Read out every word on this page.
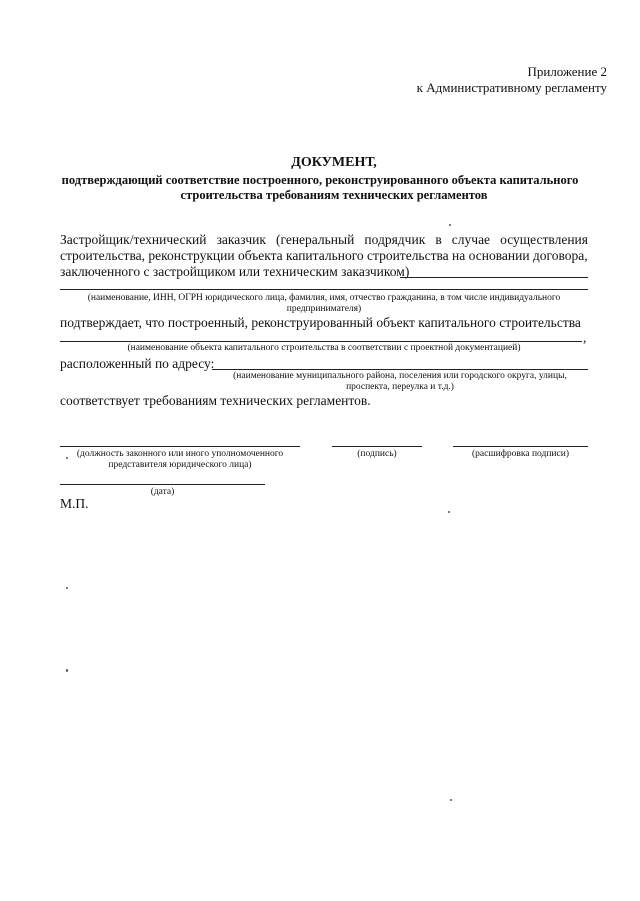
Приложение 2
к Административному регламенту
ДОКУМЕНТ,
подтверждающий соответствие построенного, реконструированного объекта капитального
строительства требованиям технических регламентов
Застройщик/технический заказчик (генеральный подрядчик в случае осуществления
строительства, реконструкции объекта капитального строительства на основании договора,
заключенного с застройщиком или техническим заказчиком)
(наименование, ИНН, ОГРН юридического лица, фамилия, имя, отчество гражданина, в том числе индивидуального
предпринимателя)
подтверждает, что построенный, реконструированный объект капитального строительства
,
(наименование объекта капитального строительства в соответствии с проектной документацией)
расположенный по адресу:
(наименование муниципального района, поселения или городского округа, улицы,
проспекта, переулка и т.д.)
соответствует требованиям технических регламентов.
(должность законного или иного уполномоченного
представителя юридического лица)
(подпись)	(расшифровка подписи)
(дата)
М.П.
